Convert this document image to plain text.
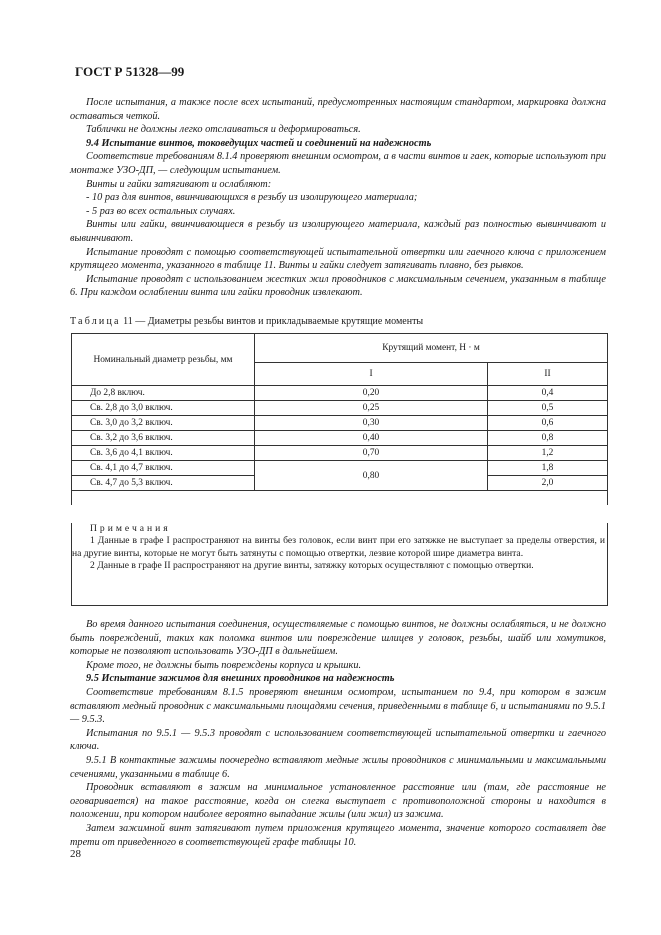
ГОСТ Р 51328—99

После испытания, а также после всех испытаний, предусмотренных настоящим стандартом, маркировка должна оставаться четкой.

Таблички не должны легко отслаиваться и деформироваться.

9.4 Испытание винтов, токоведущих частей и соединений на надежность

Соответствие требованиям 8.1.4 проверяют внешним осмотром, а в части винтов и гаек, которые используют при монтаже УЗО-ДП, — следующим испытанием.

Винты и гайки затягивают и ослабляют:

- 10 раз для винтов, ввинчивающихся в резьбу из изолирующего материала;

- 5 раз во всех остальных случаях.

Винты или гайки, ввинчивающиеся в резьбу из изолирующего материала, каждый раз полностью вывинчивают и вывинчивают.

Испытание проводят с помощью соответствующей испытательной отвертки или гаечного ключа с приложением крутящего момента, указанного в таблице 11. Винты и гайки следует затягивать плавно, без рывков.

Испытание проводят с использованием жестких жил проводников с максимальным сечением, указанным в таблице 6. При каждом ослаблении винта или гайки проводник извлекают.

Таблица 11 — Диаметры резьбы винтов и прикладываемые крутящие моменты
Номинальный диаметр резьбы, мм	Крутящий момент, Н · м	
	I	II
До 2,8 включ.	0,20	0,4
Св. 2,8 до 3,0 включ.	0,25	0,5
Св. 3,0 до 3,2 включ.	0,30	0,6
Св. 3,2 до 3,6 включ.	0,40	0,8
Св. 3,6 до 4,1 включ.	0,70	1,2
Св. 4,1 до 4,7 включ.	0,80	1,8
Св. 4,7 до 5,3 включ.		2,0

Примечания

1 Данные в графе I распространяют на винты без головок, если винт при его затяжке не выступает за пределы отверстия, и на другие винты, которые не могут быть затянуты с помощью отвертки, лезвие которой шире диаметра винта.

2 Данные в графе II распространяют на другие винты, затяжку которых осуществляют с помощью отвертки.

Во время данного испытания соединения, осуществляемые с помощью винтов, не должны ослабляться, и не должно быть повреждений, таких как поломка винтов или повреждение шлицев у головок, резьбы, шайб или хомутиков, которые не позволяют использовать УЗО-ДП в дальнейшем.

Кроме того, не должны быть повреждены корпуса и крышки.

9.5 Испытание зажимов для внешних проводников на надежность

Соответствие требованиям 8.1.5 проверяют внешним осмотром, испытанием по 9.4, при котором в зажим вставляют медный проводник с максимальными площадями сечения, приведенными в таблице 6, и испытаниями по 9.5.1 — 9.5.3.

Испытания по 9.5.1 — 9.5.3 проводят с использованием соответствующей испытательной отвертки и гаечного ключа.

9.5.1 В контактные зажимы поочередно вставляют медные жилы проводников с минимальными и максимальными сечениями, указанными в таблице 6.

Проводник вставляют в зажим на минимальное установленное расстояние или (там, где расстояние не оговаривается) на такое расстояние, когда он слегка выступает с противоположной стороны и находится в положении, при котором наиболее вероятно выпадание жилы (или жил) из зажима.

Затем зажимной винт затягивают путем приложения крутящего момента, значение которого составляет две трети от приведенного в соответствующей графе таблицы 10.

28
